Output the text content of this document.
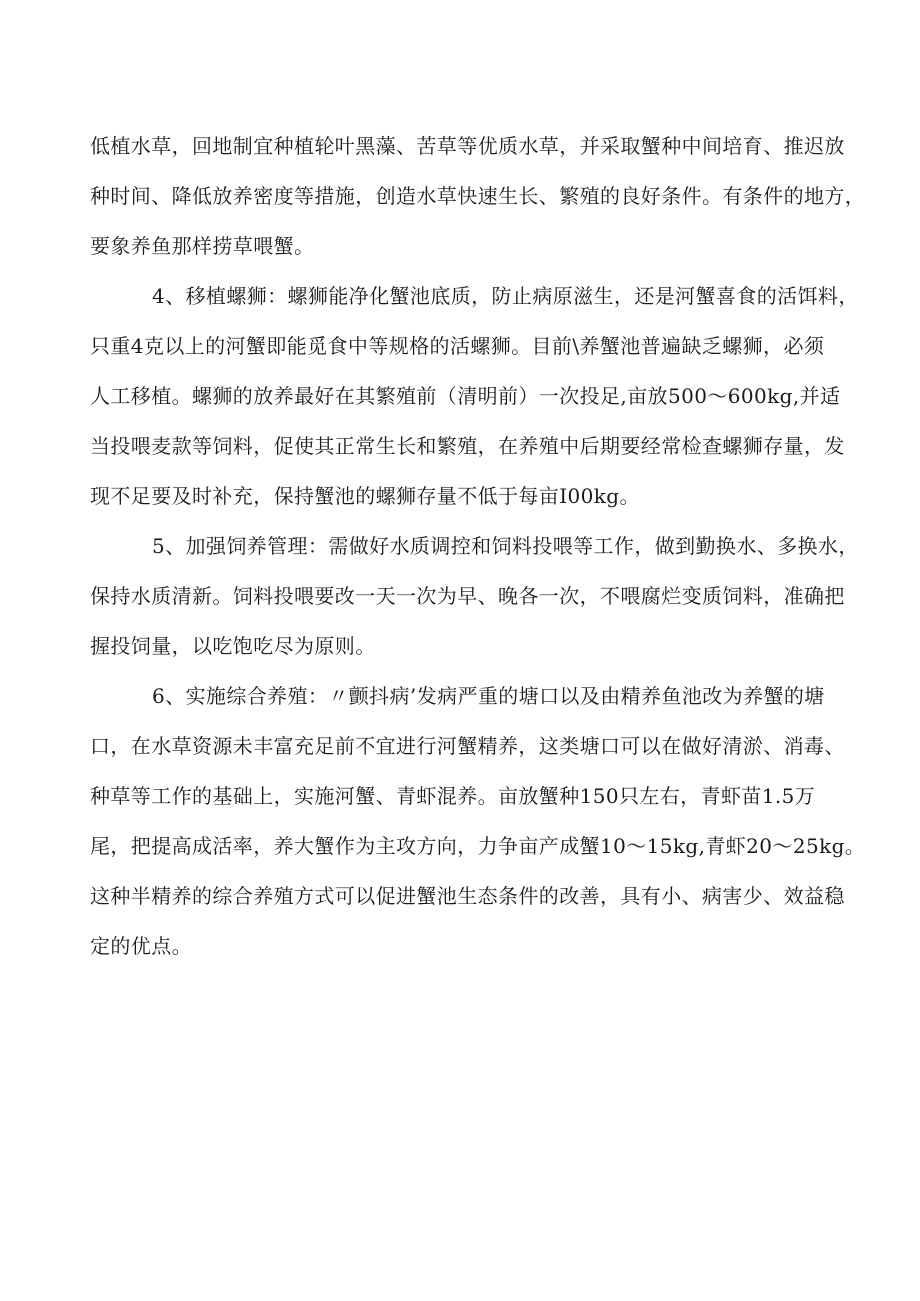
低植水草，回地制宜种植轮叶黑藻、苦草等优质水草，并采取蟹种中间培育、推迟放
种时间、降低放养密度等措施，创造水草快速生长、繁殖的良好条件。有条件的地方，
要象养鱼那样捞草喂蟹。
4、移植螺狮：螺狮能净化蟹池底质，防止病原滋生，还是河蟹喜食的活饵料，
只重4克以上的河蟹即能觅食中等规格的活螺狮。目前\养蟹池普遍缺乏螺狮，必须
人工移植。螺狮的放养最好在其繁殖前（清明前）一次投足,亩放500〜600kg,并适
当投喂麦款等饲料，促使其正常生长和繁殖，在养殖中后期要经常检查螺狮存量，发
现不足要及时补充，保持蟹池的螺狮存量不低于每亩I00kg。
5、加强饲养管理：需做好水质调控和饲料投喂等工作，做到勤换水、多换水，
保持水质清新。饲料投喂要改一天一次为早、晚各一次，不喂腐烂变质饲料，准确把
握投饲量，以吃饱吃尽为原则。
6、实施综合养殖：〃颤抖病’发病严重的塘口以及由精养鱼池改为养蟹的塘
口，在水草资源未丰富充足前不宜进行河蟹精养，这类塘口可以在做好清淤、消毒、
种草等工作的基础上，实施河蟹、青虾混养。亩放蟹种150只左右，青虾苗1.5万
尾，把提高成活率，养大蟹作为主攻方向，力争亩产成蟹10〜15kg,青虾20〜25kg。
这种半精养的综合养殖方式可以促进蟹池生态条件的改善，具有小、病害少、效益稳
定的优点。
